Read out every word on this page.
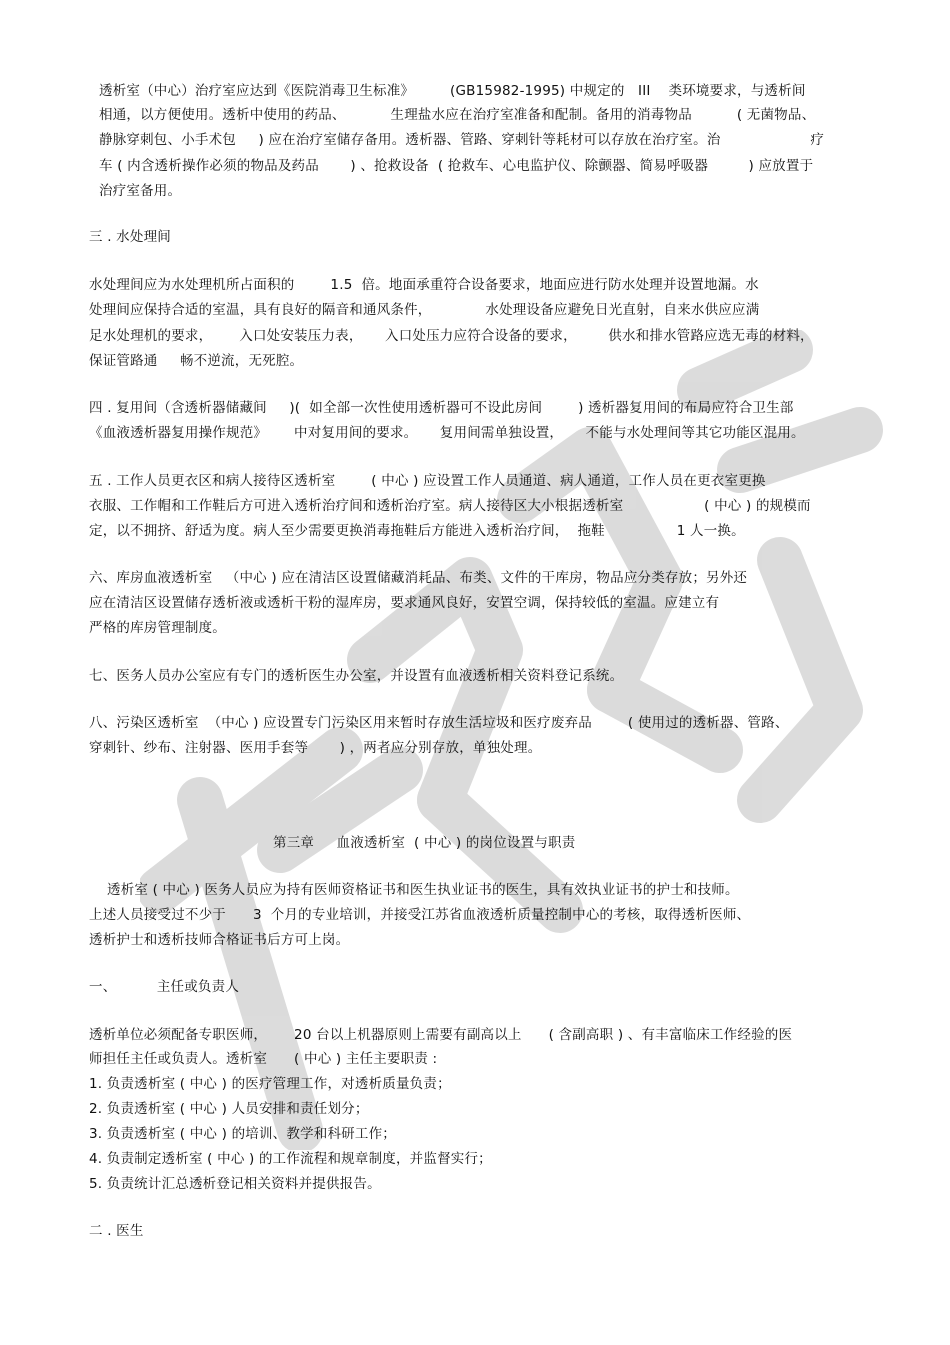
透析室（中心）治疗室应达到《医院消毒卫生标准》        (GB15982-1995) 中规定的   III    类环境要求，与透析间
相通，以方便使用。透析中使用的药品、          生理盐水应在治疗室准备和配制。备用的消毒物品          ( 无菌物品、
静脉穿刺包、小手术包     ) 应在治疗室储存备用。透析器、管路、穿刺针等耗材可以存放在治疗室。治                    疗
车 ( 内含透析操作必须的物品及药品       ) 、抢救设备  ( 抢救车、心电监护仪、除颤器、简易呼吸器         ) 应放置于
治疗室备用。
三 . 水处理间
水处理间应为水处理机所占面积的        1.5  倍。地面承重符合设备要求，地面应进行防水处理并设置地漏。水
处理间应保持合适的室温，具有良好的隔音和通风条件，            水处理设备应避免日光直射，自来水供应应满
足水处理机的要求，      入口处安装压力表，     入口处压力应符合设备的要求，       供水和排水管路应选无毒的材料，
保证管路通     畅不逆流，无死腔。
四 . 复用间（含透析器储藏间     )(  如全部一次性使用透析器可不设此房间        ) 透析器复用间的布局应符合卫生部
《血液透析器复用操作规范》      中对复用间的要求。     复用间需单独设置，     不能与水处理间等其它功能区混用。
五 . 工作人员更衣区和病人接待区透析室        ( 中心 ) 应设置工作人员通道、病人通道，工作人员在更衣室更换
衣服、工作帽和工作鞋后方可进入透析治疗间和透析治疗室。病人接待区大小根据透析室                  ( 中心 ) 的规模而
定，以不拥挤、舒适为度。病人至少需要更换消毒拖鞋后方能进入透析治疗间，  拖鞋                1 人一换。
六、库房血液透析室   （中心 ) 应在清洁区设置储藏消耗品、布类、文件的干库房，物品应分类存放；另外还
应在清洁区设置储存透析液或透析干粉的湿库房，要求通风良好，安置空调，保持较低的室温。应建立有
严格的库房管理制度。
七、医务人员办公室应有专门的透析医生办公室，并设置有血液透析相关资料登记系统。
八、污染区透析室  （中心 ) 应设置专门污染区用来暂时存放生活垃圾和医疗废弃品        ( 使用过的透析器、管路、
穿刺针、纱布、注射器、医用手套等       ) ，两者应分别存放，单独处理。
第三章     血液透析室  ( 中心 ) 的岗位设置与职责
透析室 ( 中心 ) 医务人员应为持有医师资格证书和医生执业证书的医生，具有效执业证书的护士和技师。
上述人员接受过不少于      3  个月的专业培训，并接受江苏省血液透析质量控制中心的考核，取得透析医师、
透析护士和透析技师合格证书后方可上岗。
一、         主任或负责人
透析单位必须配备专职医师，      20 台以上机器原则上需要有副高以上      ( 含副高职 ) 、有丰富临床工作经验的医
师担任主任或负责人。透析室      ( 中心 ) 主任主要职责 :
1. 负责透析室 ( 中心 ) 的医疗管理工作，对透析质量负责；
2. 负责透析室 ( 中心 ) 人员安排和责任划分；
3. 负责透析室 ( 中心 ) 的培训、教学和科研工作；
4. 负责制定透析室 ( 中心 ) 的工作流程和规章制度，并监督实行；
5. 负责统计汇总透析登记相关资料并提供报告。
二 . 医生
